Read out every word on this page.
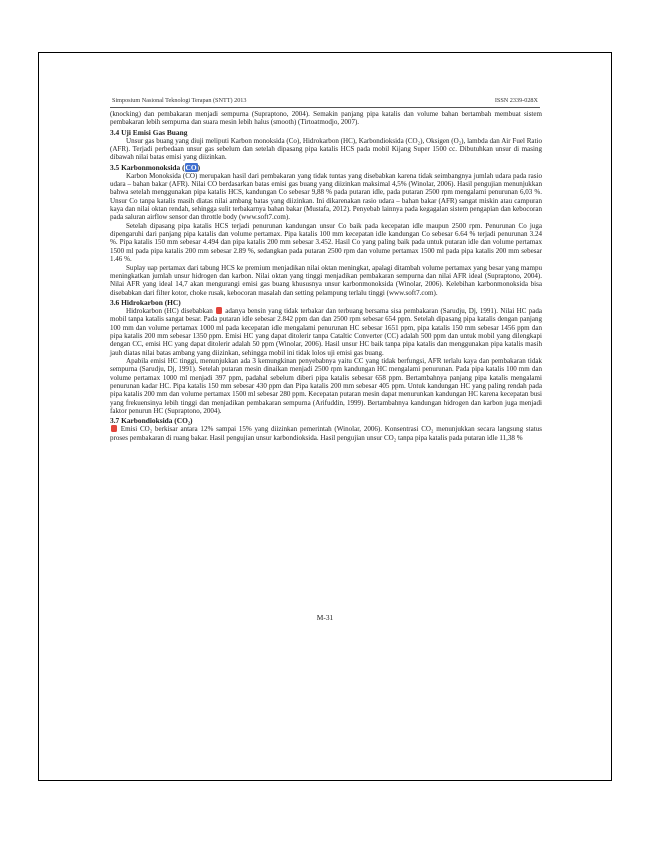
Simposium Nasional Teknologi Terapan (SNTT) 2013	ISSN 2339-028X

(knocking) dan pembakaran menjadi sempurna (Supraptono, 2004). Semakin panjang pipa katalis dan volume bahan bertambah membuat sistem pembakaran lebih sempurna dan suara mesin lebih halus (smooth) (Tirtoatmodjo, 2007).

3.4 Uji Emisi Gas Buang

Unsur gas buang yang diuji meliputi Karbon monoksida (Co), Hidrokarbon (HC), Karbondioksida (CO₂), Oksigen (O₂), lambda dan Air Fuel Ratio (AFR). Terjadi perbedaan unsur gas sebelum dan setelah dipasang pipa katalis HCS pada mobil Kijang Super 1500 cc. Dibutuhkan unsur di masing dibawah nilai batas emisi yang diizinkan.

3.5 Karbonmonoksida (CO)

Karbon Monoksida (CO) merupakan hasil dari pembakaran yang tidak tuntas yang disebabkan karena tidak seimbangnya jumlah udara pada rasio udara – bahan bakar (AFR). Nilai CO berdasarkan batas emisi gas buang yang diizinkan maksimal 4,5% (Winolar, 2006). Hasil pengujian menunjukkan bahwa setelah menggunakan pipa katalis HCS, kandungan Co sebesar 9,88 % pada putaran idle, pada putaran 2500 rpm mengalami penurunan 6,03 %. Unsur Co tanpa katalis masih diatas nilai ambang batas yang diizinkan. Ini dikarenakan rasio udara – bahan bakar (AFR) sangat miskin atau campuran kaya dan nilai oktan rendah, sehingga sulit terbakarnya bahan bakar (Mustafa, 2012). Penyebab lainnya pada kegagalan sistem pengapian dan kebocoran pada saluran airflow sensor dan throttle body (www.soft7.com).

Setelah dipasang pipa katalis HCS terjadi penurunan kandungan unsur Co baik pada kecepatan idle maupun 2500 rpm. Penurunan Co juga dipengaruhi dari panjang pipa katalis dan volume pertamax. Pipa katalis 100 mm kecepatan idle kandungan Co sebesar 6.64 % terjadi penurunan 3.24 %. Pipa katalis 150 mm sebesar 4.494 dan pipa katalis 200 mm sebesar 3.452. Hasil Co yang paling baik pada untuk putaran idle dan volume pertamax 1500 ml pada pipa katalis 200 mm sebesar 2.89 %, sedangkan pada putaran 2500 rpm dan volume pertamax 1500 ml pada pipa katalis 200 mm sebesar 1.46 %.

Suplay uap pertamax dari tabung HCS ke premium menjadikan nilai oktan meningkat, apalagi ditambah volume pertamax yang besar yang mampu meningkatkan jumlah unsur hidrogen dan karbon. Nilai oktan yang tinggi menjadikan pembakaran sempurna dan nilai AFR ideal (Supraptono, 2004). Nilai AFR yang ideal 14,7 akan mengurangi emisi gas buang khususnya unsur karbonmonoksida (Winolar, 2006). Kelebihan karbonmonoksida bisa disebabkan dari filter kotor, choke rusak, kebocoran masalah dan setting pelampung terlalu tinggi (www.soft7.com).

3.6 Hidrokarbon (HC)

Hidrokarbon (HC) disebabkan adanya bensin yang tidak terbakar dan terbuang bersama sisa pembakaran (Sarudju, Dj, 1991). Nilai HC pada mobil tanpa katalis sangat besar. Pada putaran idle sebesar 2.842 ppm dan dan 2500 rpm sebesar 654 ppm. Setelah dipasang pipa katalis dengan panjang 100 mm dan volume pertamax 1000 ml pada kecepatan idle mengalami penurunan HC sebesar 1651 ppm, pipa katalis 150 mm sebesar 1456 ppm dan pipa katalis 200 mm sebesar 1350 ppm. Emisi HC yang dapat ditolerir tanpa Cataltic Converter (CC) adalah 500 ppm dan untuk mobil yang dilengkapi dengan CC, emisi HC yang dapat ditolerir adalah 50 ppm (Winolar, 2006). Hasil unsur HC baik tanpa pipa katalis dan menggunakan pipa katalis masih jauh diatas nilai batas ambang yang diizinkan, sehingga mobil ini tidak lolos uji emisi gas buang.

Apabila emisi HC tinggi, menunjukkan ada 3 kemungkinan penyebabnya yaitu CC yang tidak berfungsi, AFR terlalu kaya dan pembakaran tidak sempurna (Sarudju, Dj, 1991). Setelah putaran mesin dinaikan menjadi 2500 rpm kandungan HC mengalami penurunan. Pada pipa katalis 100 mm dan volume pertamax 1000 ml menjadi 397 ppm, padahal sebelum diberi pipa katalis sebesar 658 ppm. Bertambahnya panjang pipa katalis mengalami penurunan kadar HC. Pipa katalis 150 mm sebesar 430 ppm dan Pipa katalis 200 mm sebesar 405 ppm. Untuk kandungan HC yang paling rendah pada pipa katalis 200 mm dan volume pertamax 1500 ml sebesar 280 ppm. Kecepatan putaran mesin dapat menurunkan kandungan HC karena kecepatan busi yang frekuensinya lebih tinggi dan menjadikan pembakaran sempurna (Arifuddin, 1999). Bertambahnya kandungan hidrogen dan karbon juga menjadi faktor penurun HC (Supraptono, 2004).

3.7 Karbondioksida (CO₂)

Emisi CO₂ berkisar antara 12% sampai 15% yang diizinkan pemerintah (Winolar, 2006). Konsentrasi CO₂ menunjukkan secara langsung status proses pembakaran di ruang bakar. Hasil pengujian unsur karbondioksida. Hasil pengujian unsur CO₂ tanpa pipa katalis pada putaran idle 11,38 %

M-31
